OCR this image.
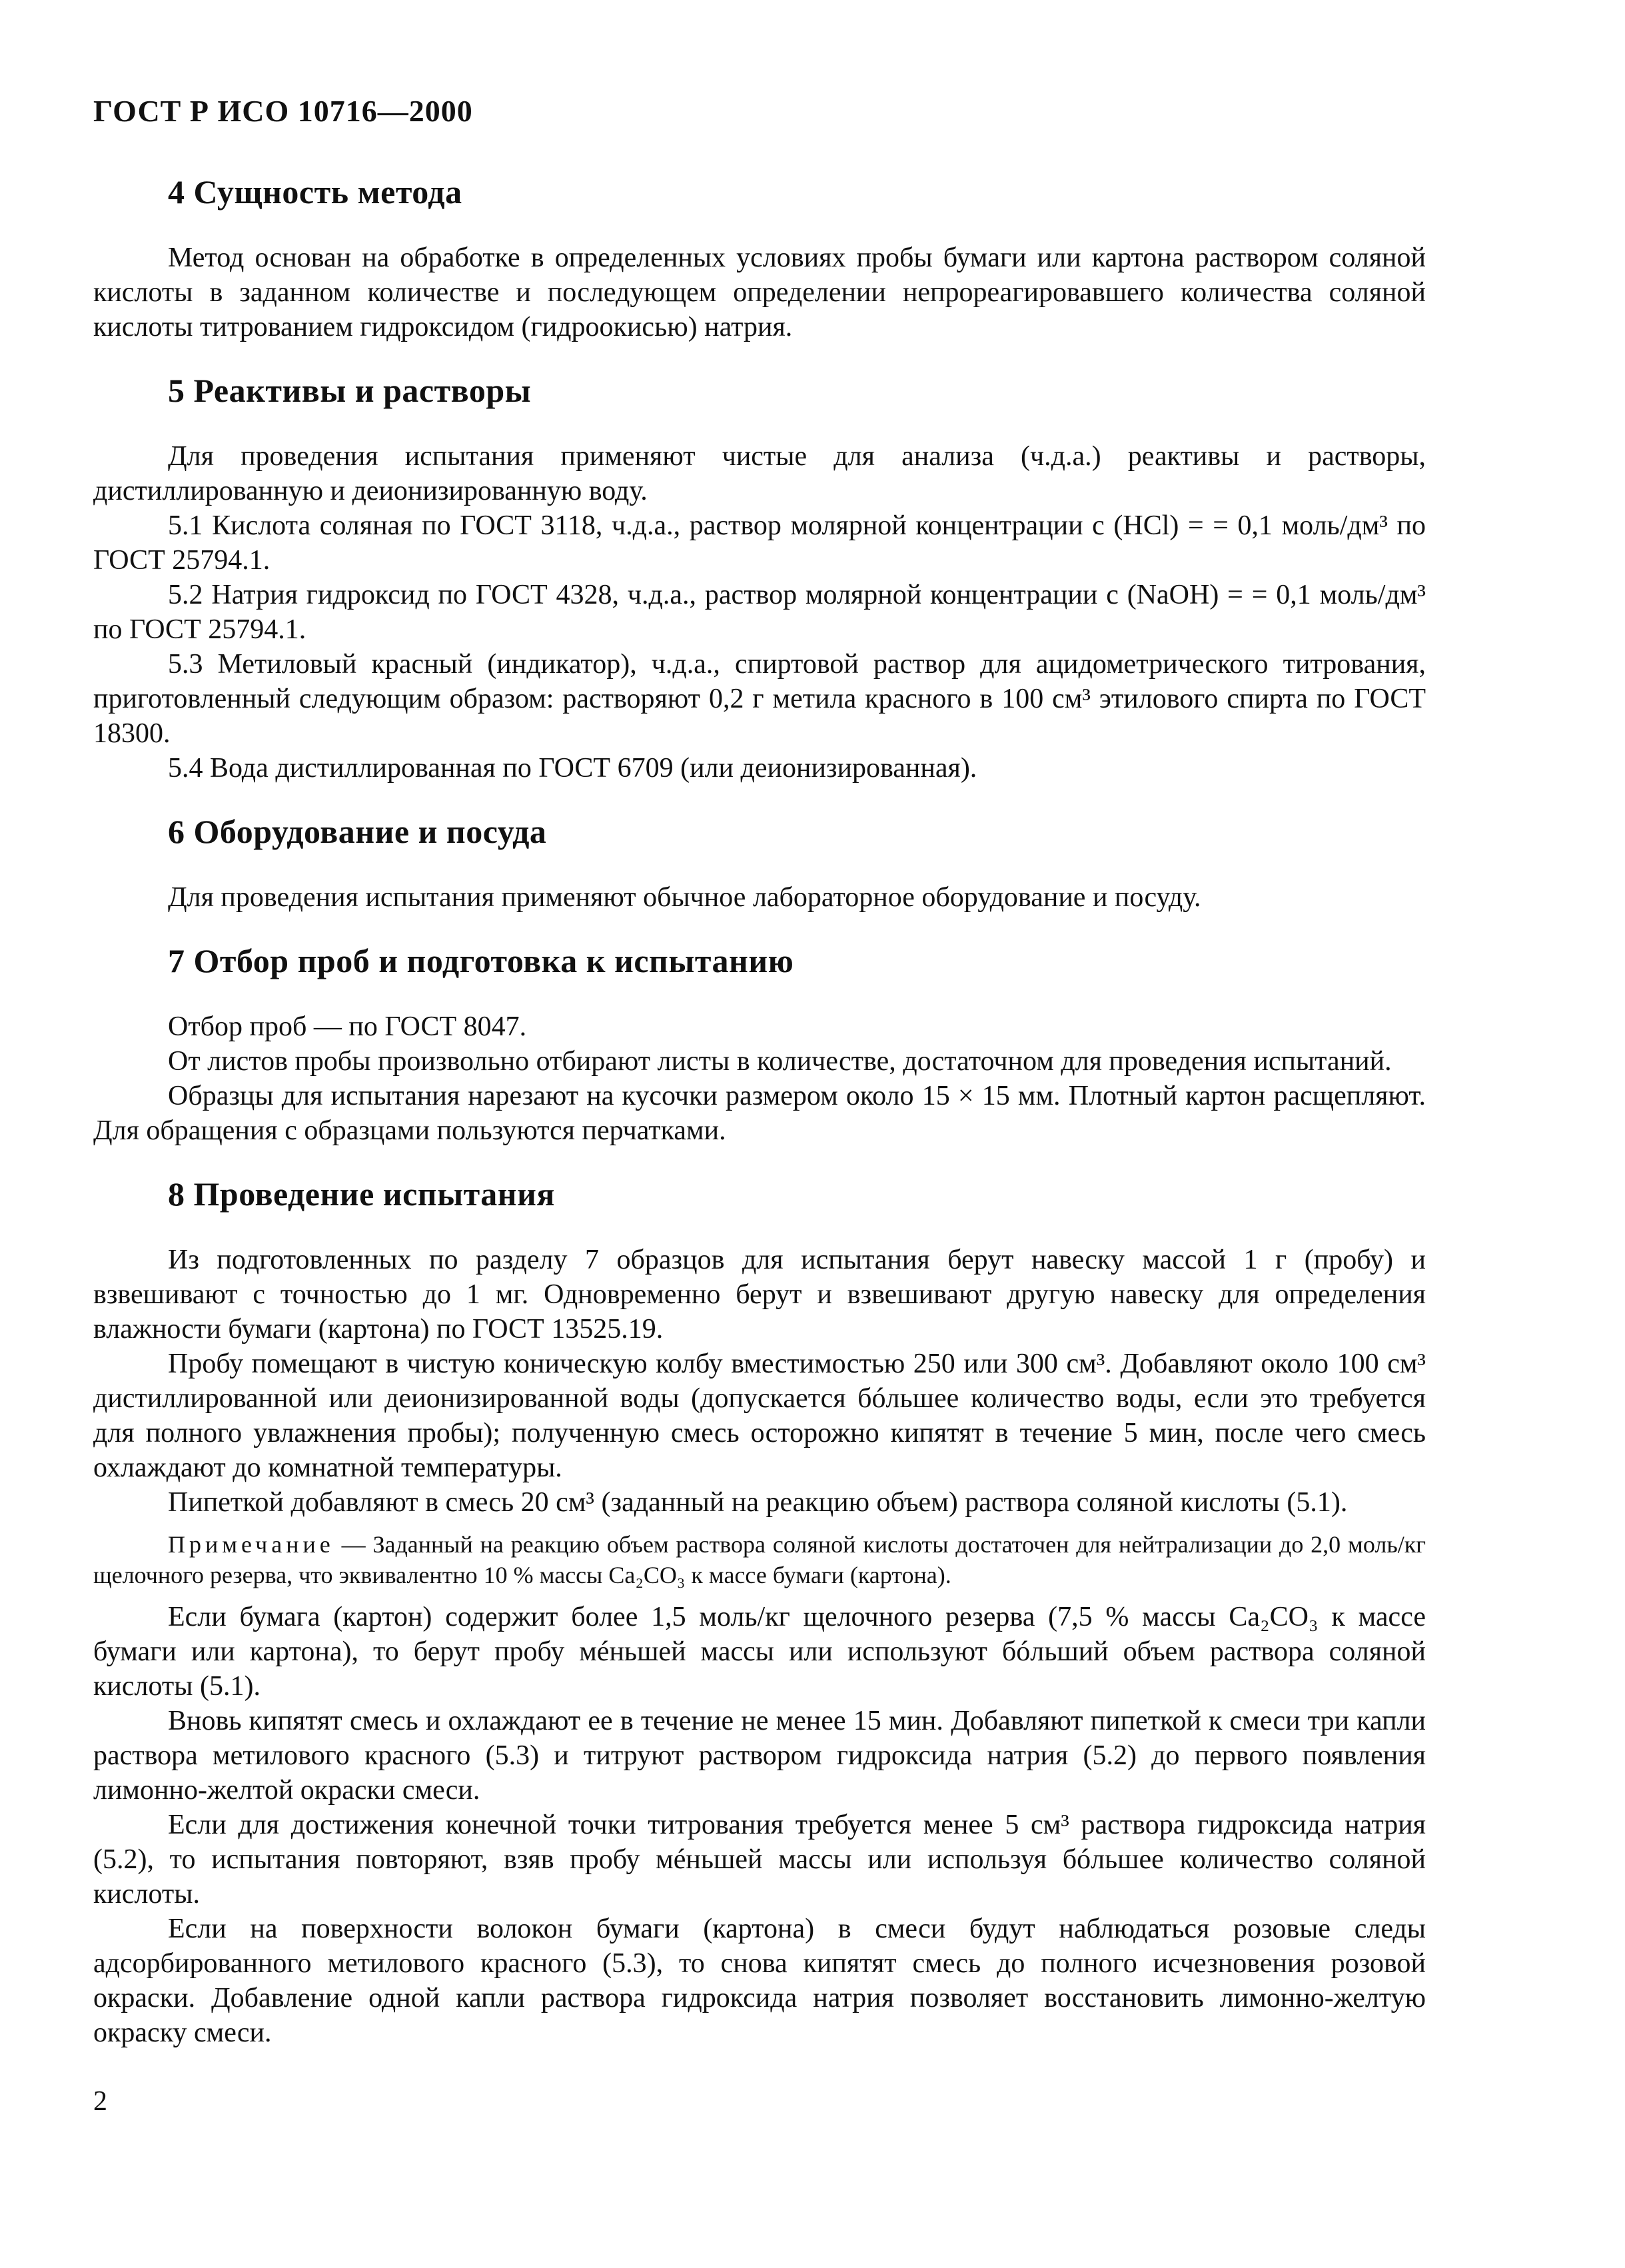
ГОСТ Р ИСО 10716—2000
4 Сущность метода

Метод основан на обработке в определенных условиях пробы бумаги или картона раствором соляной кислоты в заданном количестве и последующем определении непрореагировавшего количества соляной кислоты титрованием гидроксидом (гидроокисью) натрия.

5 Реактивы и растворы

Для проведения испытания применяют чистые для анализа (ч.д.а.) реактивы и растворы, дистиллированную и деионизированную воду.

5.1 Кислота соляная по ГОСТ 3118, ч.д.а., раствор молярной концентрации c (HCl) = = 0,1 моль/дм³ по ГОСТ 25794.1.

5.2 Натрия гидроксид по ГОСТ 4328, ч.д.а., раствор молярной концентрации c (NaOH) = = 0,1 моль/дм³ по ГОСТ 25794.1.

5.3 Метиловый красный (индикатор), ч.д.а., спиртовой раствор для ацидометрического титрования, приготовленный следующим образом: растворяют 0,2 г метила красного в 100 см³ этилового спирта по ГОСТ 18300.

5.4 Вода дистиллированная по ГОСТ 6709 (или деионизированная).

6 Оборудование и посуда

Для проведения испытания применяют обычное лабораторное оборудование и посуду.

7 Отбор проб и подготовка к испытанию

Отбор проб — по ГОСТ 8047.

От листов пробы произвольно отбирают листы в количестве, достаточном для проведения испытаний.

Образцы для испытания нарезают на кусочки размером около 15 × 15 мм. Плотный картон расщепляют. Для обращения с образцами пользуются перчатками.

8 Проведение испытания

Из подготовленных по разделу 7 образцов для испытания берут навеску массой 1 г (пробу) и взвешивают с точностью до 1 мг. Одновременно берут и взвешивают другую навеску для определения влажности бумаги (картона) по ГОСТ 13525.19.

Пробу помещают в чистую коническую колбу вместимостью 250 или 300 см³. Добавляют около 100 см³ дистиллированной или деионизированной воды (допускается бóльшее количество воды, если это требуется для полного увлажнения пробы); полученную смесь осторожно кипятят в течение 5 мин, после чего смесь охлаждают до комнатной температуры.

Пипеткой добавляют в смесь 20 см³ (заданный на реакцию объем) раствора соляной кислоты (5.1).

Примечание — Заданный на реакцию объем раствора соляной кислоты достаточен для нейтрализации до 2,0 моль/кг щелочного резерва, что эквивалентно 10 % массы Ca₂CO₃ к массе бумаги (картона).

Если бумага (картон) содержит более 1,5 моль/кг щелочного резерва (7,5 % массы Ca₂CO₃ к массе бумаги или картона), то берут пробу мéньшей массы или используют бóльший объем раствора соляной кислоты (5.1).

Вновь кипятят смесь и охлаждают ее в течение не менее 15 мин. Добавляют пипеткой к смеси три капли раствора метилового красного (5.3) и титруют раствором гидроксида натрия (5.2) до первого появления лимонно-желтой окраски смеси.

Если для достижения конечной точки титрования требуется менее 5 см³ раствора гидроксида натрия (5.2), то испытания повторяют, взяв пробу мéньшей массы или используя бóльшее количество соляной кислоты.

Если на поверхности волокон бумаги (картона) в смеси будут наблюдаться розовые следы адсорбированного метилового красного (5.3), то снова кипятят смесь до полного исчезновения розовой окраски. Добавление одной капли раствора гидроксида натрия позволяет восстановить лимонно-желтую окраску смеси.

2
